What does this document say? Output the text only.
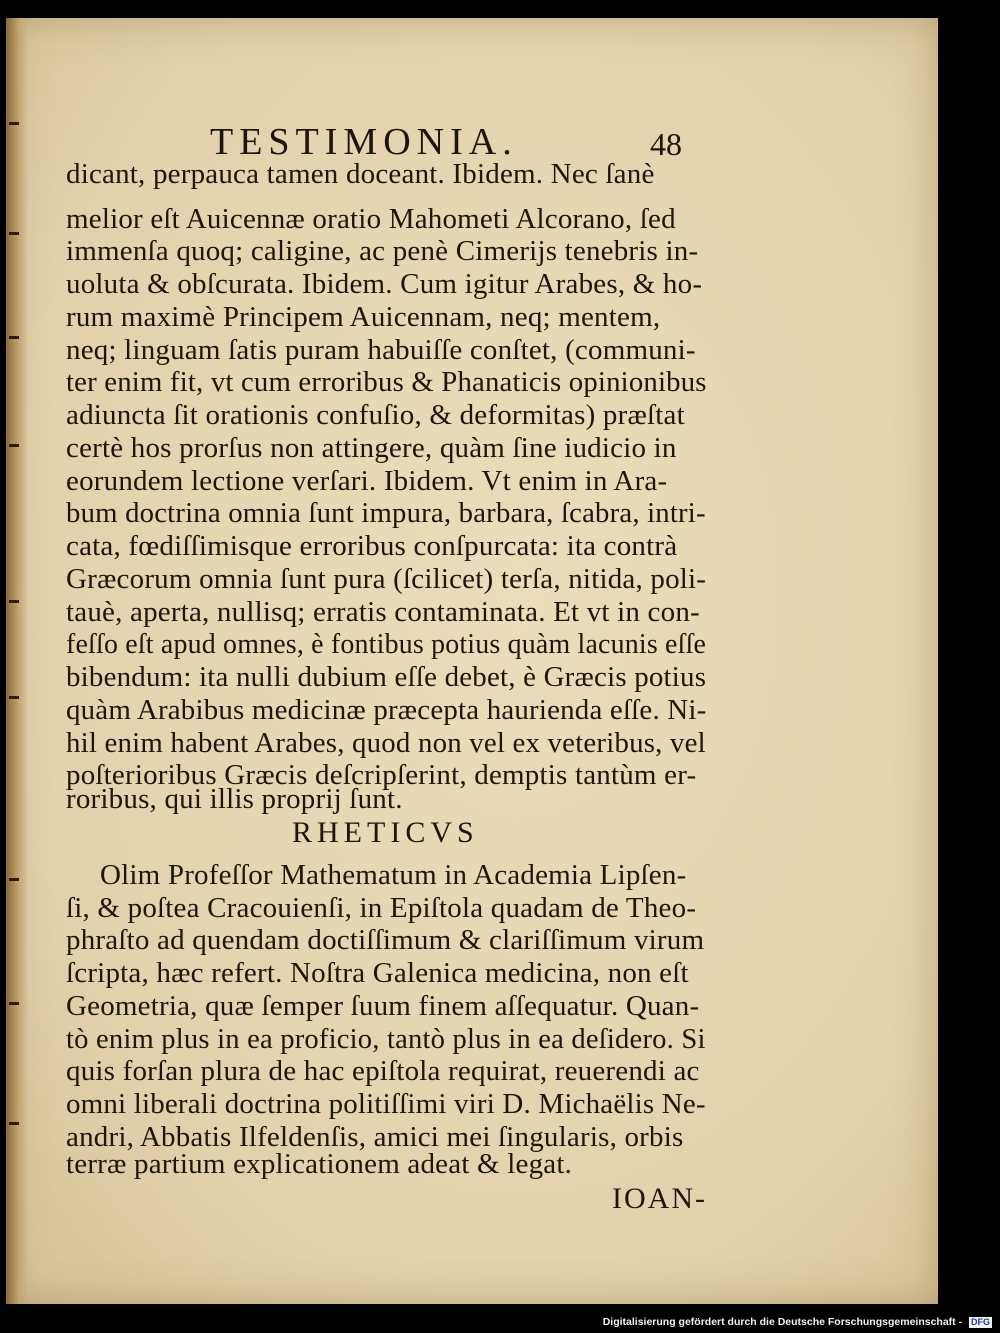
TESTIMONIA.	48
dicant, perpauca tamen doceant. Ibidem. Nec ſanè
melior eſt Auicennæ oratio Mahometi Alcorano, ſed
immenſa quoq; caligine, ac penè Cimerijs tenebris in-
uoluta & obſcurata. Ibidem. Cum igitur Arabes, & ho-
rum maximè Principem Auicennam, neq; mentem,
neq; linguam ſatis puram habuiſſe conſtet, (communi-
ter enim fit, vt cum erroribus & Phanaticis opinionibus
adiuncta ſit orationis confuſio, & deformitas) præſtat
certè hos prorſus non attingere, quàm ſine iudicio in
eorundem lectione verſari. Ibidem. Vt enim in Ara-
bum doctrina omnia ſunt impura, barbara, ſcabra, intri-
cata, fœdiſſimisque erroribus conſpurcata: ita contrà
Græcorum omnia ſunt pura (ſcilicet) terſa, nitida, poli-
tauè, aperta, nullisq; erratis contaminata. Et vt in con-
feſſo eſt apud omnes, è fontibus potius quàm lacunis eſſe
bibendum: ita nulli dubium eſſe debet, è Græcis potius
quàm Arabibus medicinæ præcepta haurienda eſſe. Ni-
hil enim habent Arabes, quod non vel ex veteribus, vel
poſterioribus Græcis deſcripſerint, demptis tantùm er-
roribus, qui illis proprij ſunt.
RHETICVS
Olim Profeſſor Mathematum in Academia Lipſen-
ſi, & poſtea Cracouienſi, in Epiſtola quadam de Theo-
phraſto ad quendam doctiſſimum & clariſſimum virum
ſcripta, hæc refert. Noſtra Galenica medicina, non eſt
Geometria, quæ ſemper ſuum finem aſſequatur. Quan-
tò enim plus in ea proficio, tantò plus in ea deſidero. Si
quis forſan plura de hac epiſtola requirat, reuerendi ac
omni liberali doctrina politiſſimi viri D. Michaëlis Ne-
andri, Abbatis Ilfeldenſis, amici mei ſingularis, orbis
terræ partium explicationem adeat & legat.
IOAN-
Digitalisierung gefördert durch die Deutsche Forschungsgemeinschaft - DFG
